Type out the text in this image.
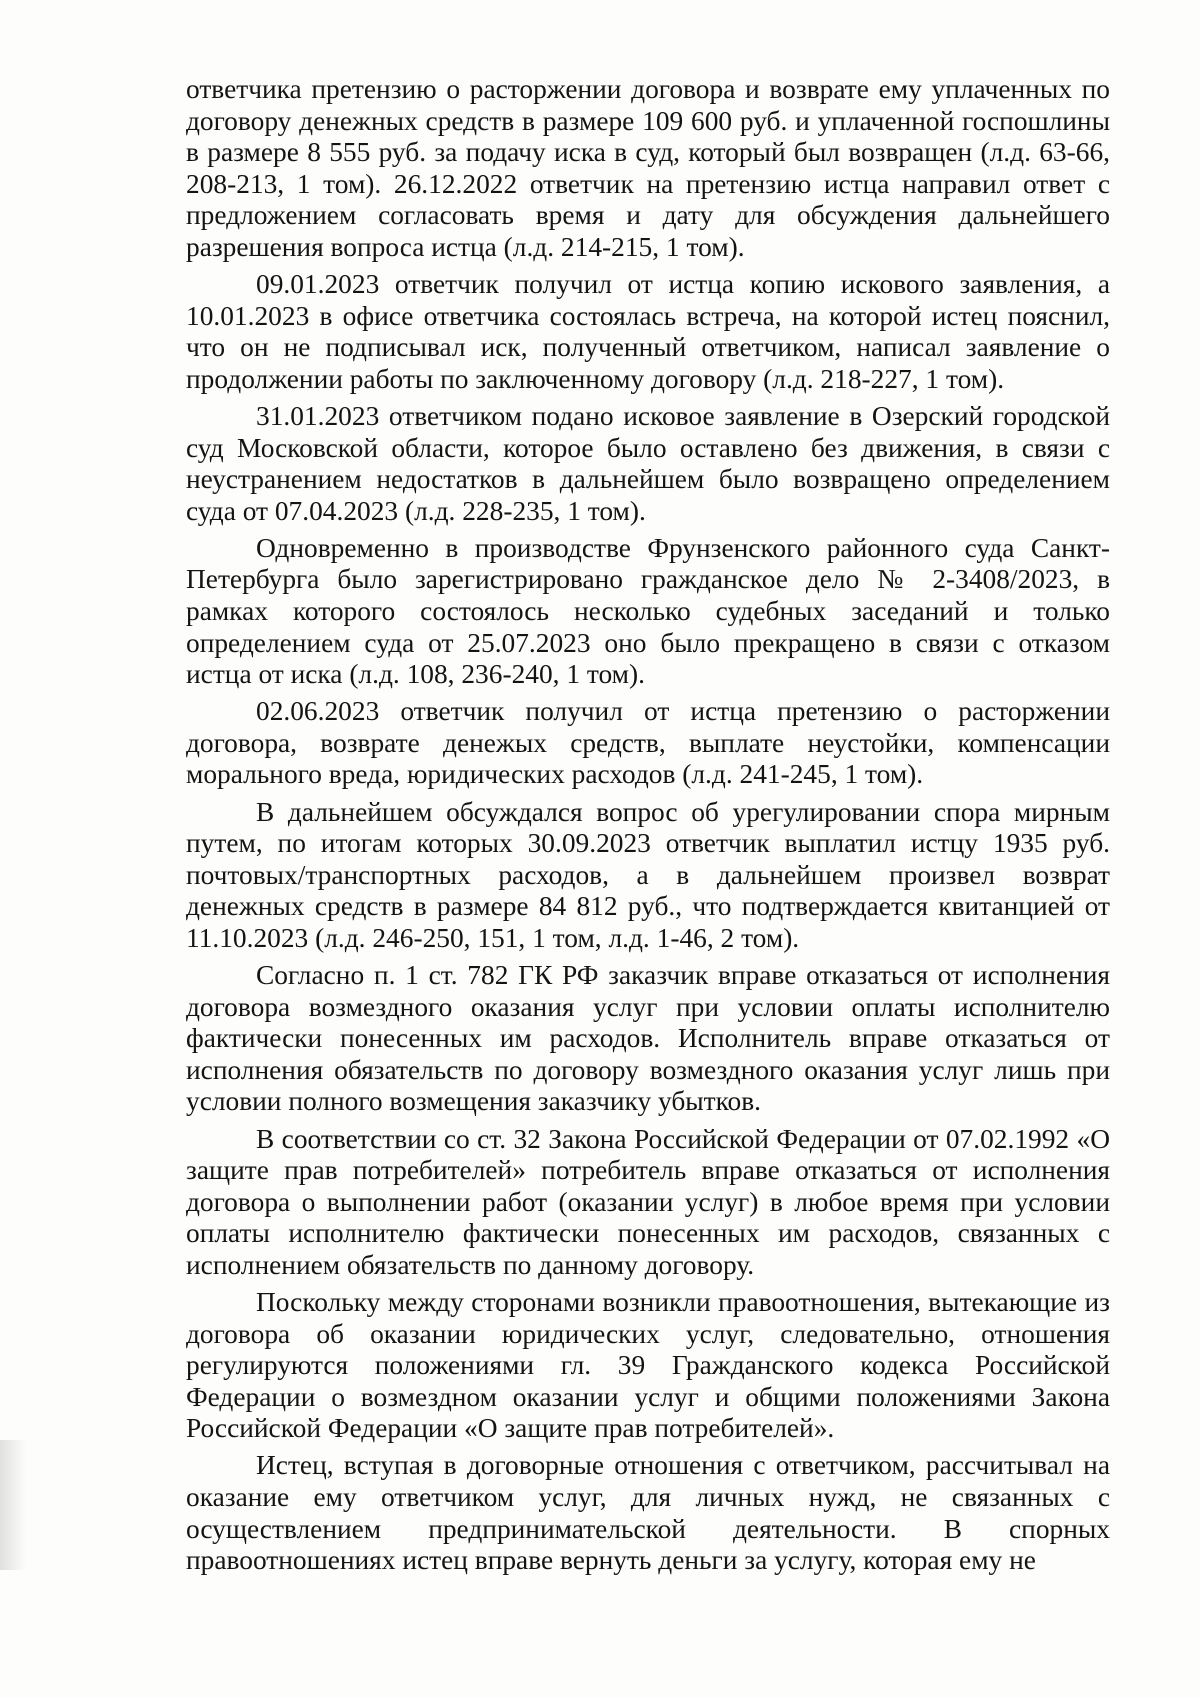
ответчика претензию о расторжении договора и возврате ему уплаченных по договору денежных средств в размере 109 600 руб. и уплаченной госпошлины в размере 8 555 руб. за подачу иска в суд, который был возвращен (л.д. 63-66, 208-213, 1 том). 26.12.2022 ответчик на претензию истца направил ответ с предложением согласовать время и дату для обсуждения дальнейшего разрешения вопроса истца (л.д. 214-215, 1 том).

09.01.2023 ответчик получил от истца копию искового заявления, а 10.01.2023 в офисе ответчика состоялась встреча, на которой истец пояснил, что он не подписывал иск, полученный ответчиком, написал заявление о продолжении работы по заключенному договору (л.д. 218-227, 1 том).

31.01.2023 ответчиком подано исковое заявление в Озерский городской суд Московской области, которое было оставлено без движения, в связи с неустранением недостатков в дальнейшем было возвращено определением суда от 07.04.2023 (л.д. 228-235, 1 том).

Одновременно в производстве Фрунзенского районного суда Санкт-Петербурга было зарегистрировано гражданское дело № 2-3408/2023, в рамках которого состоялось несколько судебных заседаний и только определением суда от 25.07.2023 оно было прекращено в связи с отказом истца от иска (л.д. 108, 236-240, 1 том).

02.06.2023 ответчик получил от истца претензию о расторжении договора, возврате денежых средств, выплате неустойки, компенсации морального вреда, юридических расходов (л.д. 241-245, 1 том).

В дальнейшем обсуждался вопрос об урегулировании спора мирным путем, по итогам которых 30.09.2023 ответчик выплатил истцу 1935 руб. почтовых/транспортных расходов, а в дальнейшем произвел возврат денежных средств в размере 84 812 руб., что подтверждается квитанцией от 11.10.2023 (л.д. 246-250, 151, 1 том, л.д. 1-46, 2 том).

Согласно п. 1 ст. 782 ГК РФ заказчик вправе отказаться от исполнения договора возмездного оказания услуг при условии оплаты исполнителю фактически понесенных им расходов. Исполнитель вправе отказаться от исполнения обязательств по договору возмездного оказания услуг лишь при условии полного возмещения заказчику убытков.

В соответствии со ст. 32 Закона Российской Федерации от 07.02.1992 «О защите прав потребителей» потребитель вправе отказаться от исполнения договора о выполнении работ (оказании услуг) в любое время при условии оплаты исполнителю фактически понесенных им расходов, связанных с исполнением обязательств по данному договору.

Поскольку между сторонами возникли правоотношения, вытекающие из договора об оказании юридических услуг, следовательно, отношения регулируются положениями гл. 39 Гражданского кодекса Российской Федерации о возмездном оказании услуг и общими положениями Закона Российской Федерации «О защите прав потребителей».

Истец, вступая в договорные отношения с ответчиком, рассчитывал на оказание ему ответчиком услуг, для личных нужд, не связанных с осуществлением предпринимательской деятельности. В спорных правоотношениях истец вправе вернуть деньги за услугу, которая ему не
